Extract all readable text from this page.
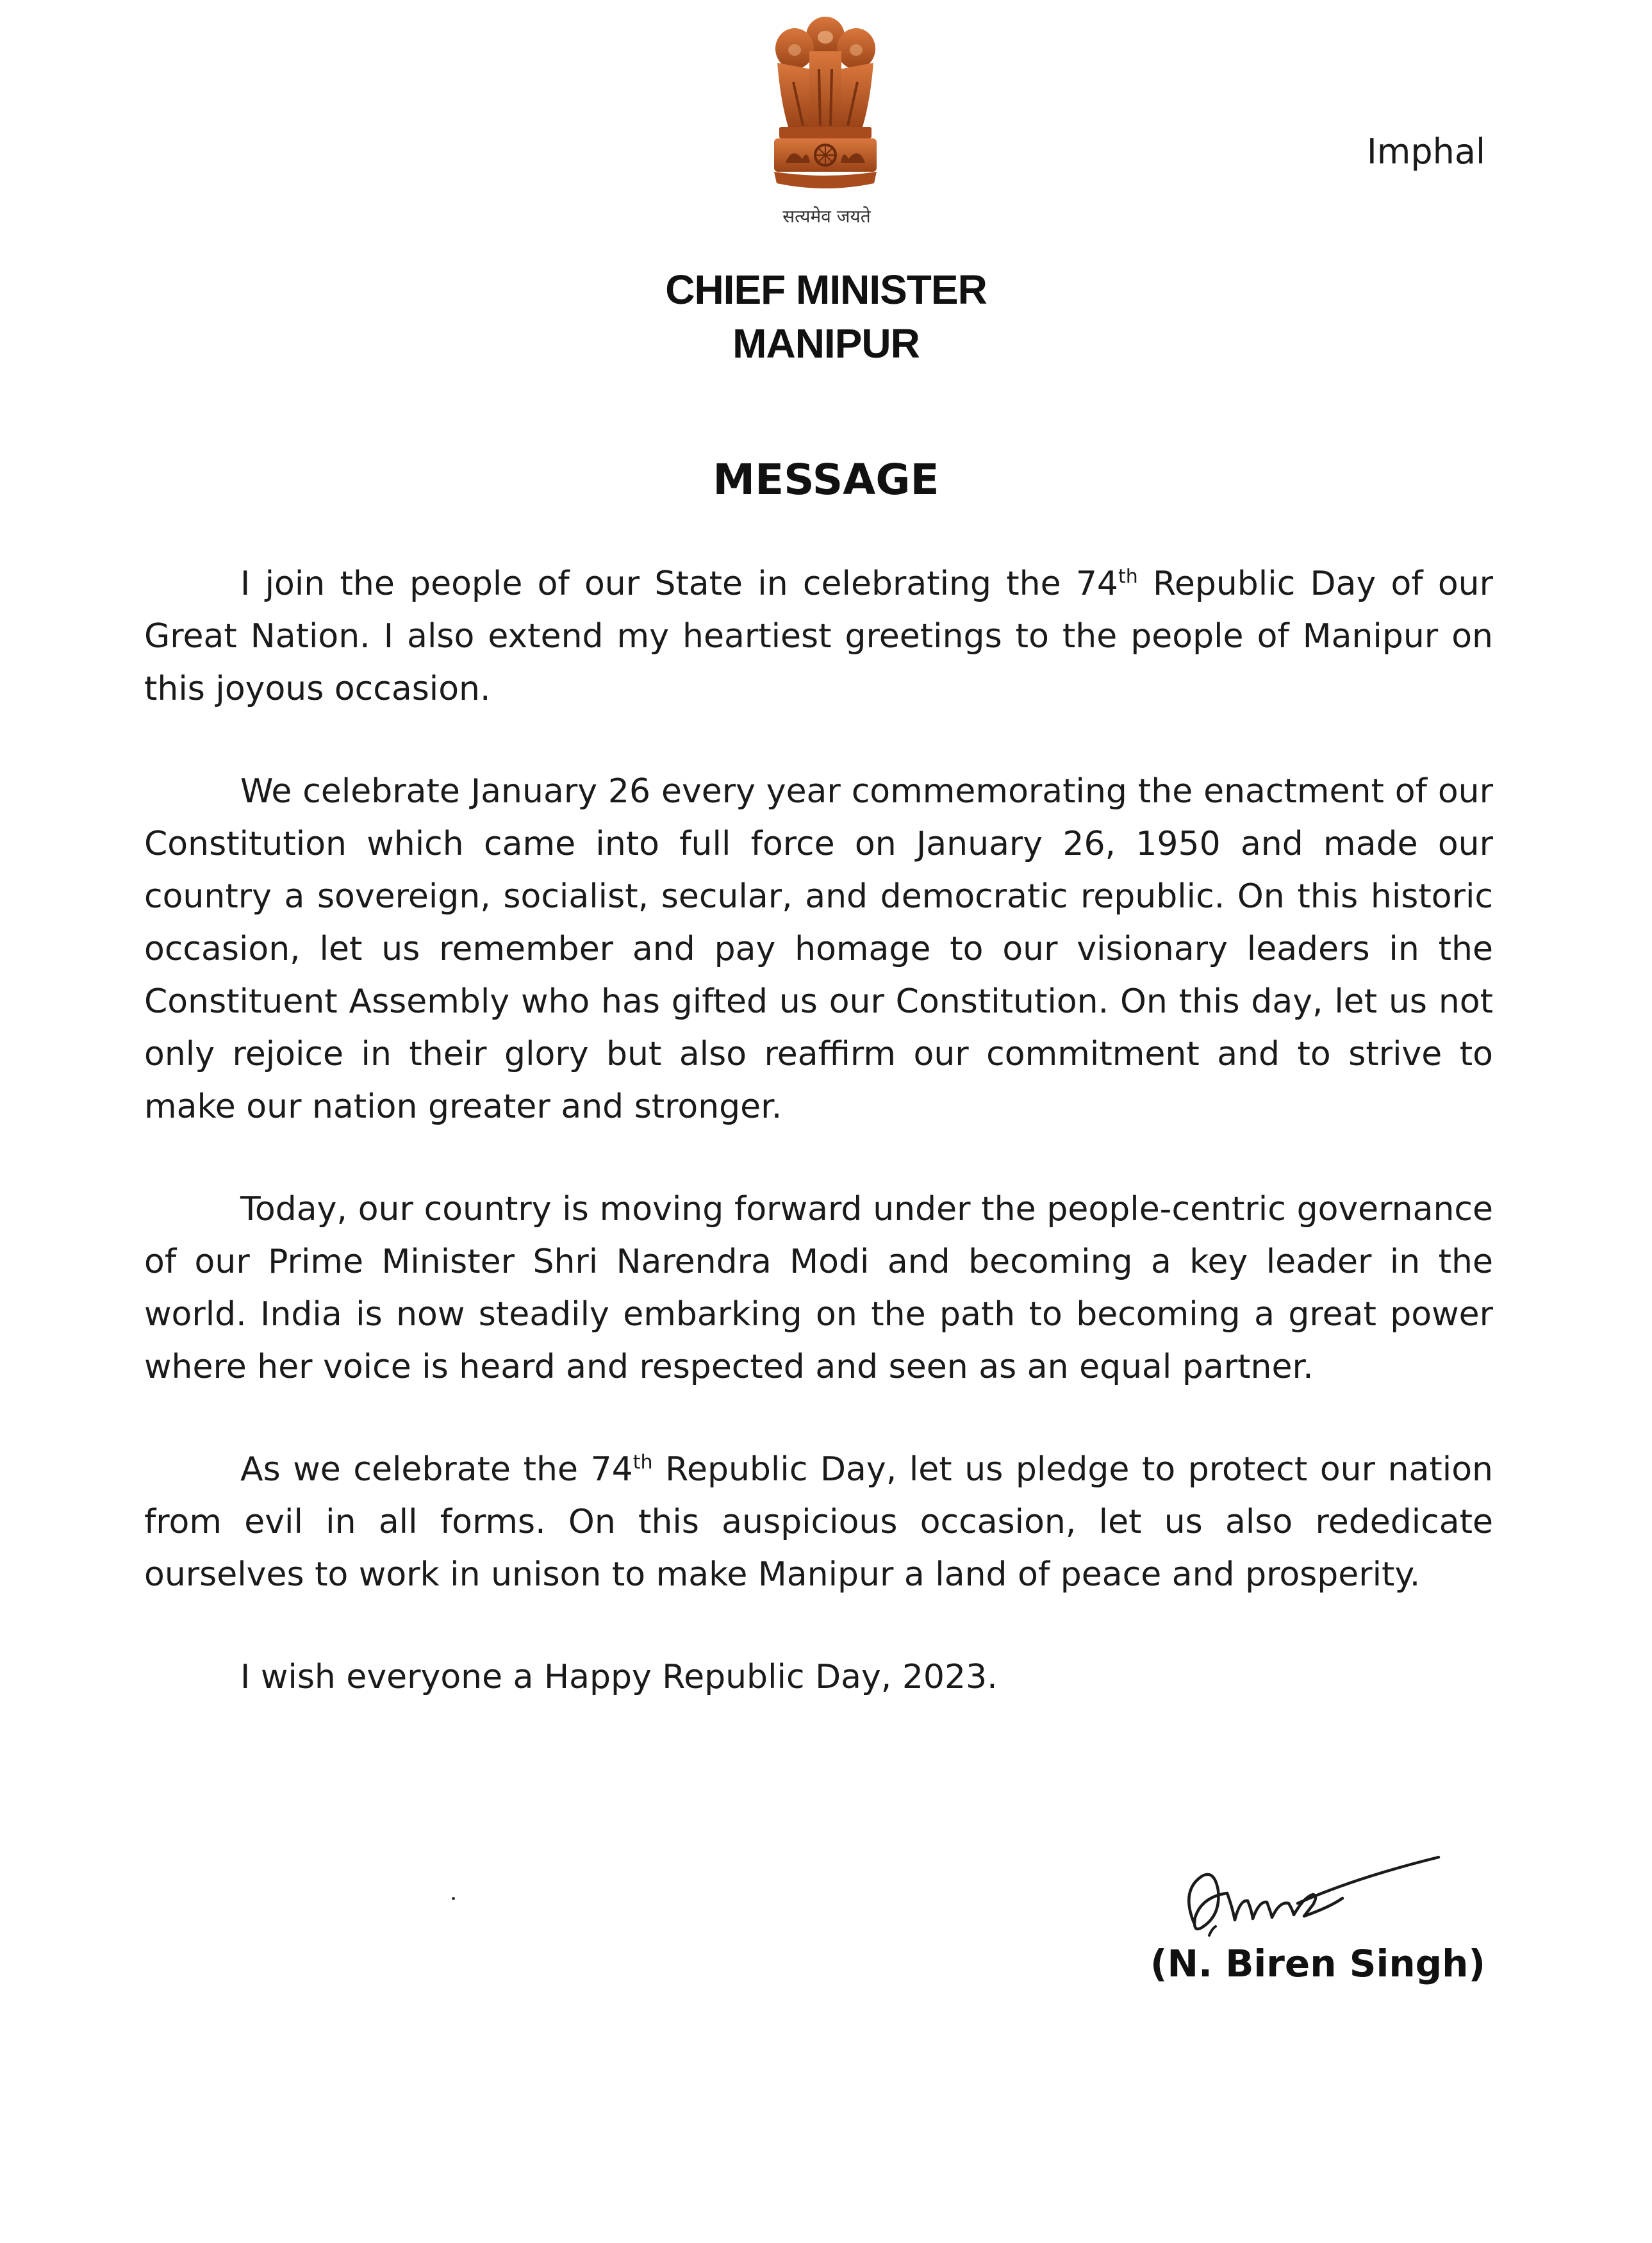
सत्यमेव जयते
Imphal
CHIEF MINISTER
MANIPUR
MESSAGE

I join the people of our State in celebrating the 74th Republic Day of our Great Nation. I also extend my heartiest greetings to the people of Manipur on this joyous occasion.

We celebrate January 26 every year commemorating the enactment of our Constitution which came into full force on January 26, 1950 and made our country a sovereign, socialist, secular, and democratic republic. On this historic occasion, let us remember and pay homage to our visionary leaders in the Constituent Assembly who has gifted us our Constitution. On this day, let us not only rejoice in their glory but also reaffirm our commitment and to strive to make our nation greater and stronger.

Today, our country is moving forward under the people-centric governance of our Prime Minister Shri Narendra Modi and becoming a key leader in the world. India is now steadily embarking on the path to becoming a great power where her voice is heard and respected and seen as an equal partner.

As we celebrate the 74th Republic Day, let us pledge to protect our nation from evil in all forms. On this auspicious occasion, let us also rededicate ourselves to work in unison to make Manipur a land of peace and prosperity.

I wish everyone a Happy Republic Day, 2023.

(N. Biren Singh)
